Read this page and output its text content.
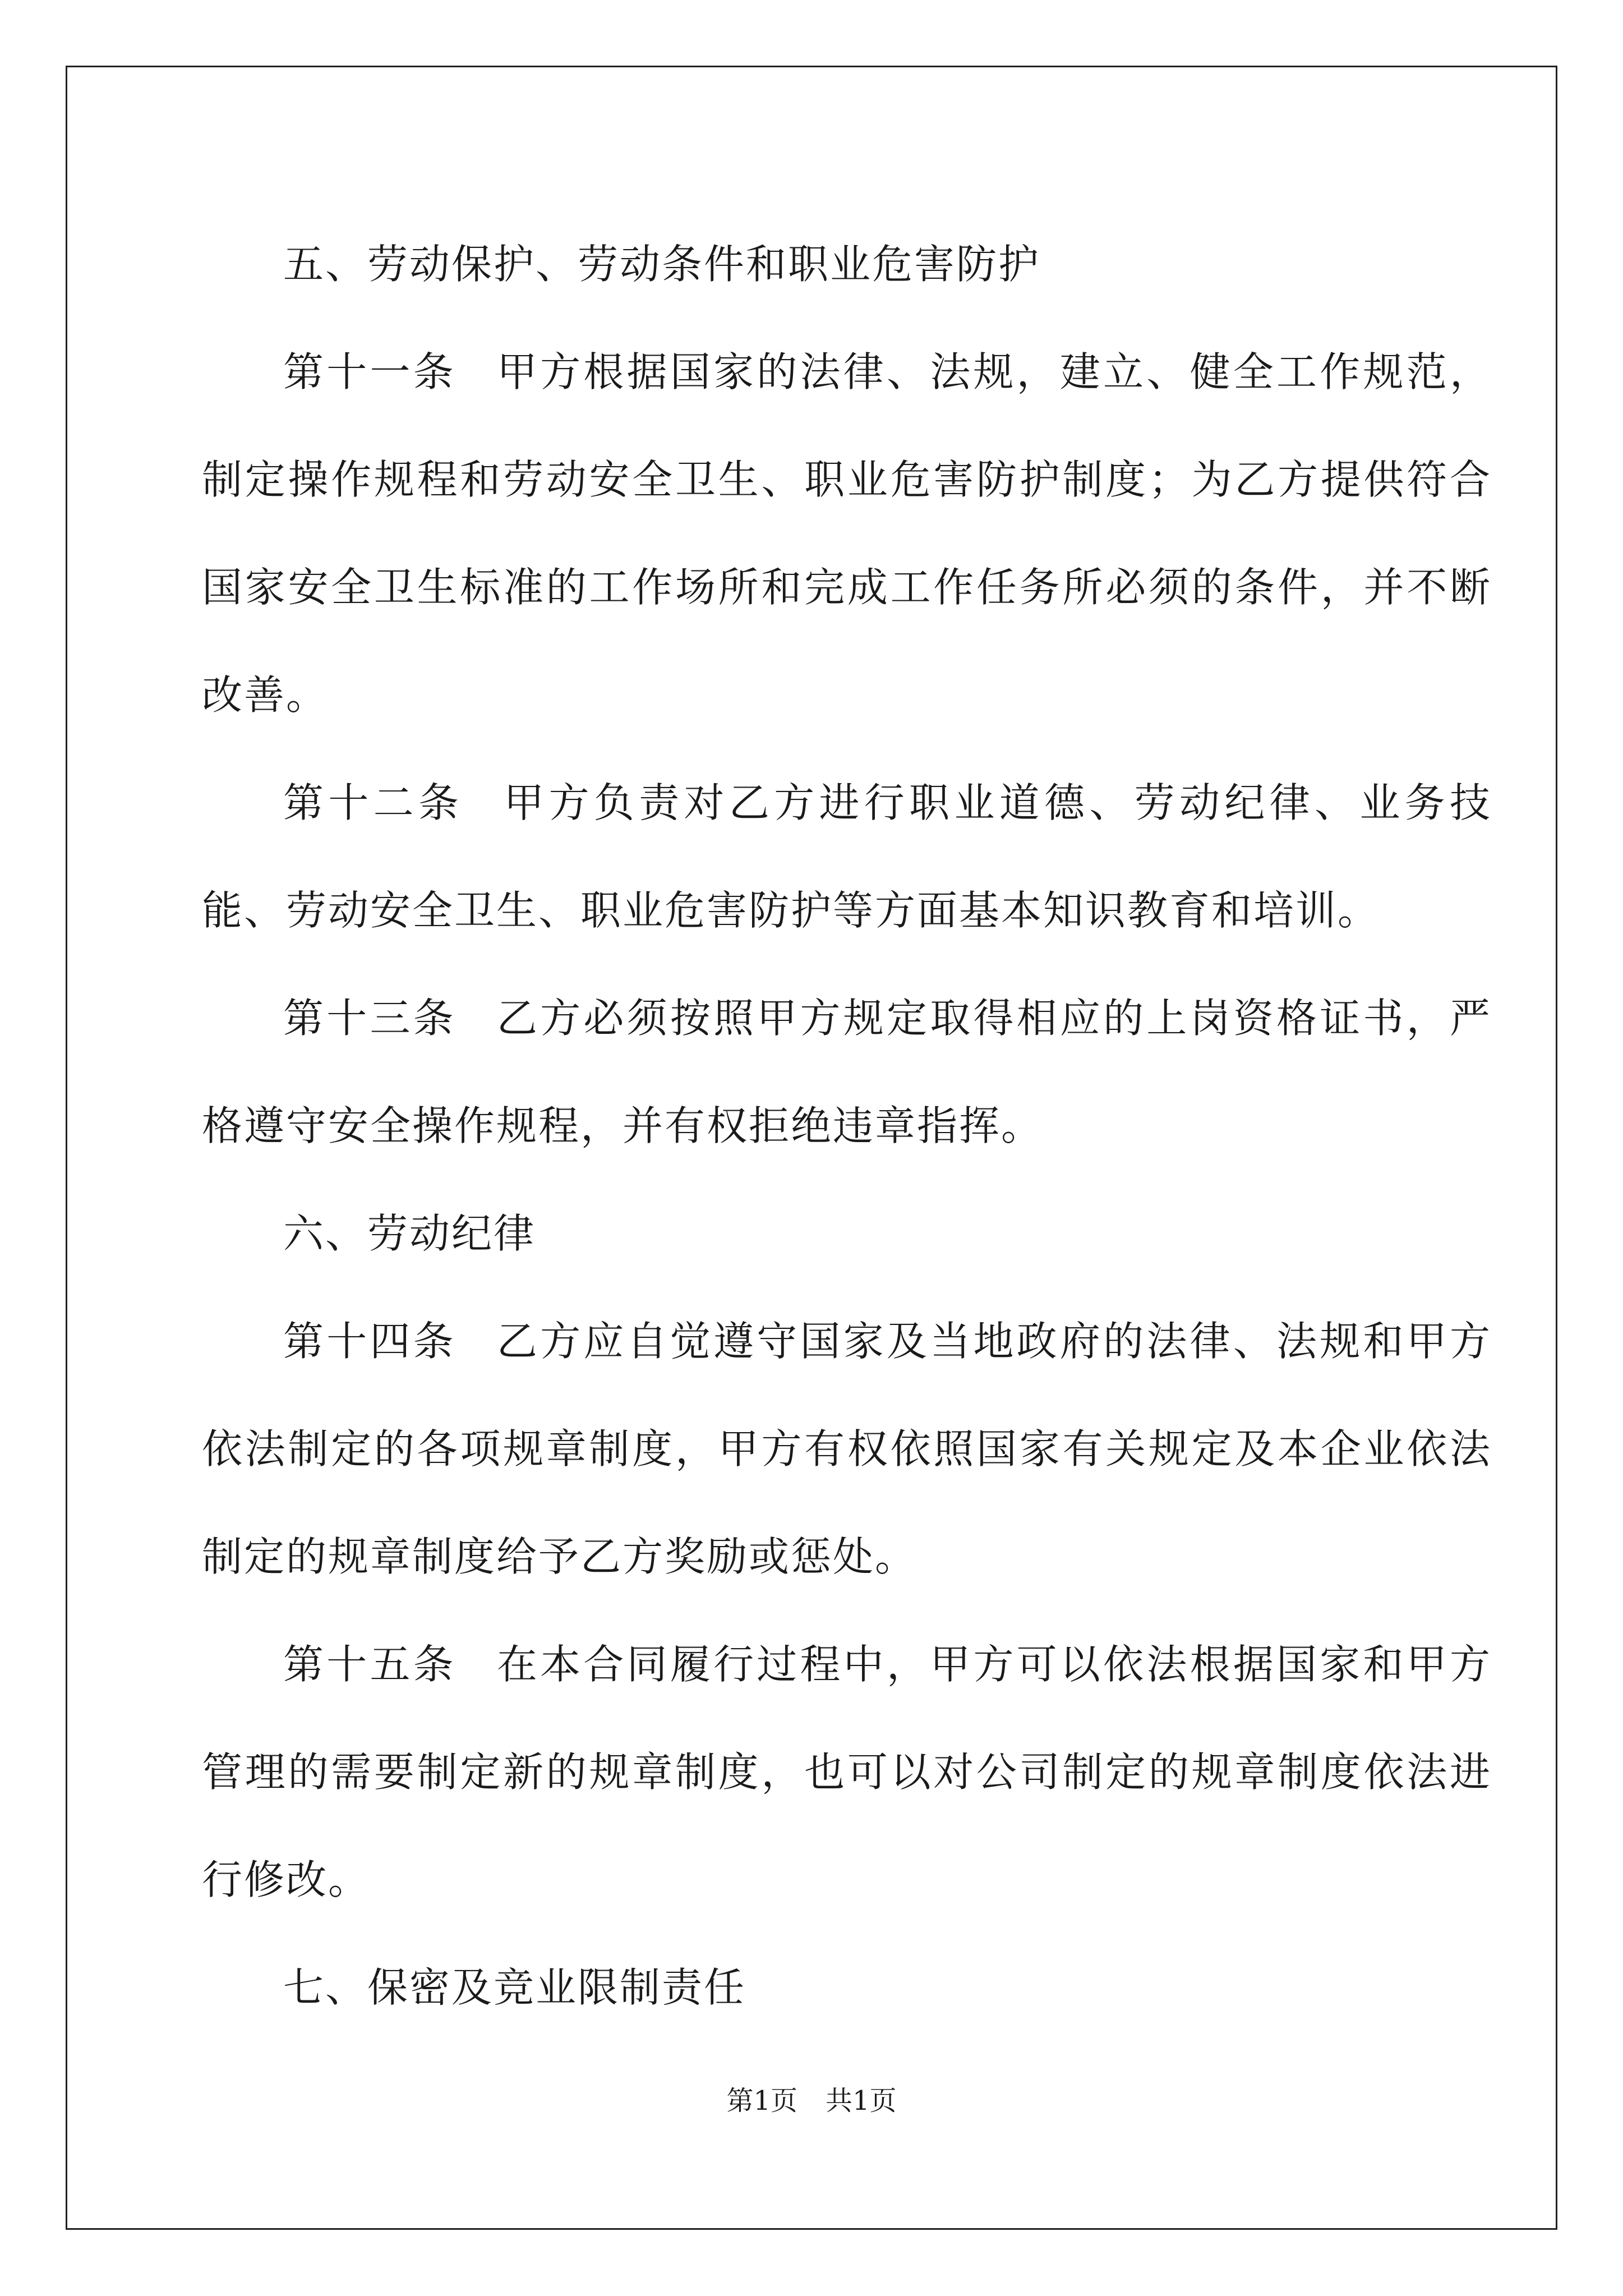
五、劳动保护、劳动条件和职业危害防护

第十一条 甲方根据国家的法律、法规，建立、健全工作规范，制定操作规程和劳动安全卫生、职业危害防护制度；为乙方提供符合国家安全卫生标准的工作场所和完成工作任务所必须的条件，并不断改善。

第十二条 甲方负责对乙方进行职业道德、劳动纪律、业务技能、劳动安全卫生、职业危害防护等方面基本知识教育和培训。

第十三条 乙方必须按照甲方规定取得相应的上岗资格证书，严格遵守安全操作规程，并有权拒绝违章指挥。

六、劳动纪律

第十四条 乙方应自觉遵守国家及当地政府的法律、法规和甲方依法制定的各项规章制度，甲方有权依照国家有关规定及本企业依法制定的规章制度给予乙方奖励或惩处。

第十五条 在本合同履行过程中，甲方可以依法根据国家和甲方管理的需要制定新的规章制度，也可以对公司制定的规章制度依法进行修改。

七、保密及竞业限制责任

第1页 共1页
